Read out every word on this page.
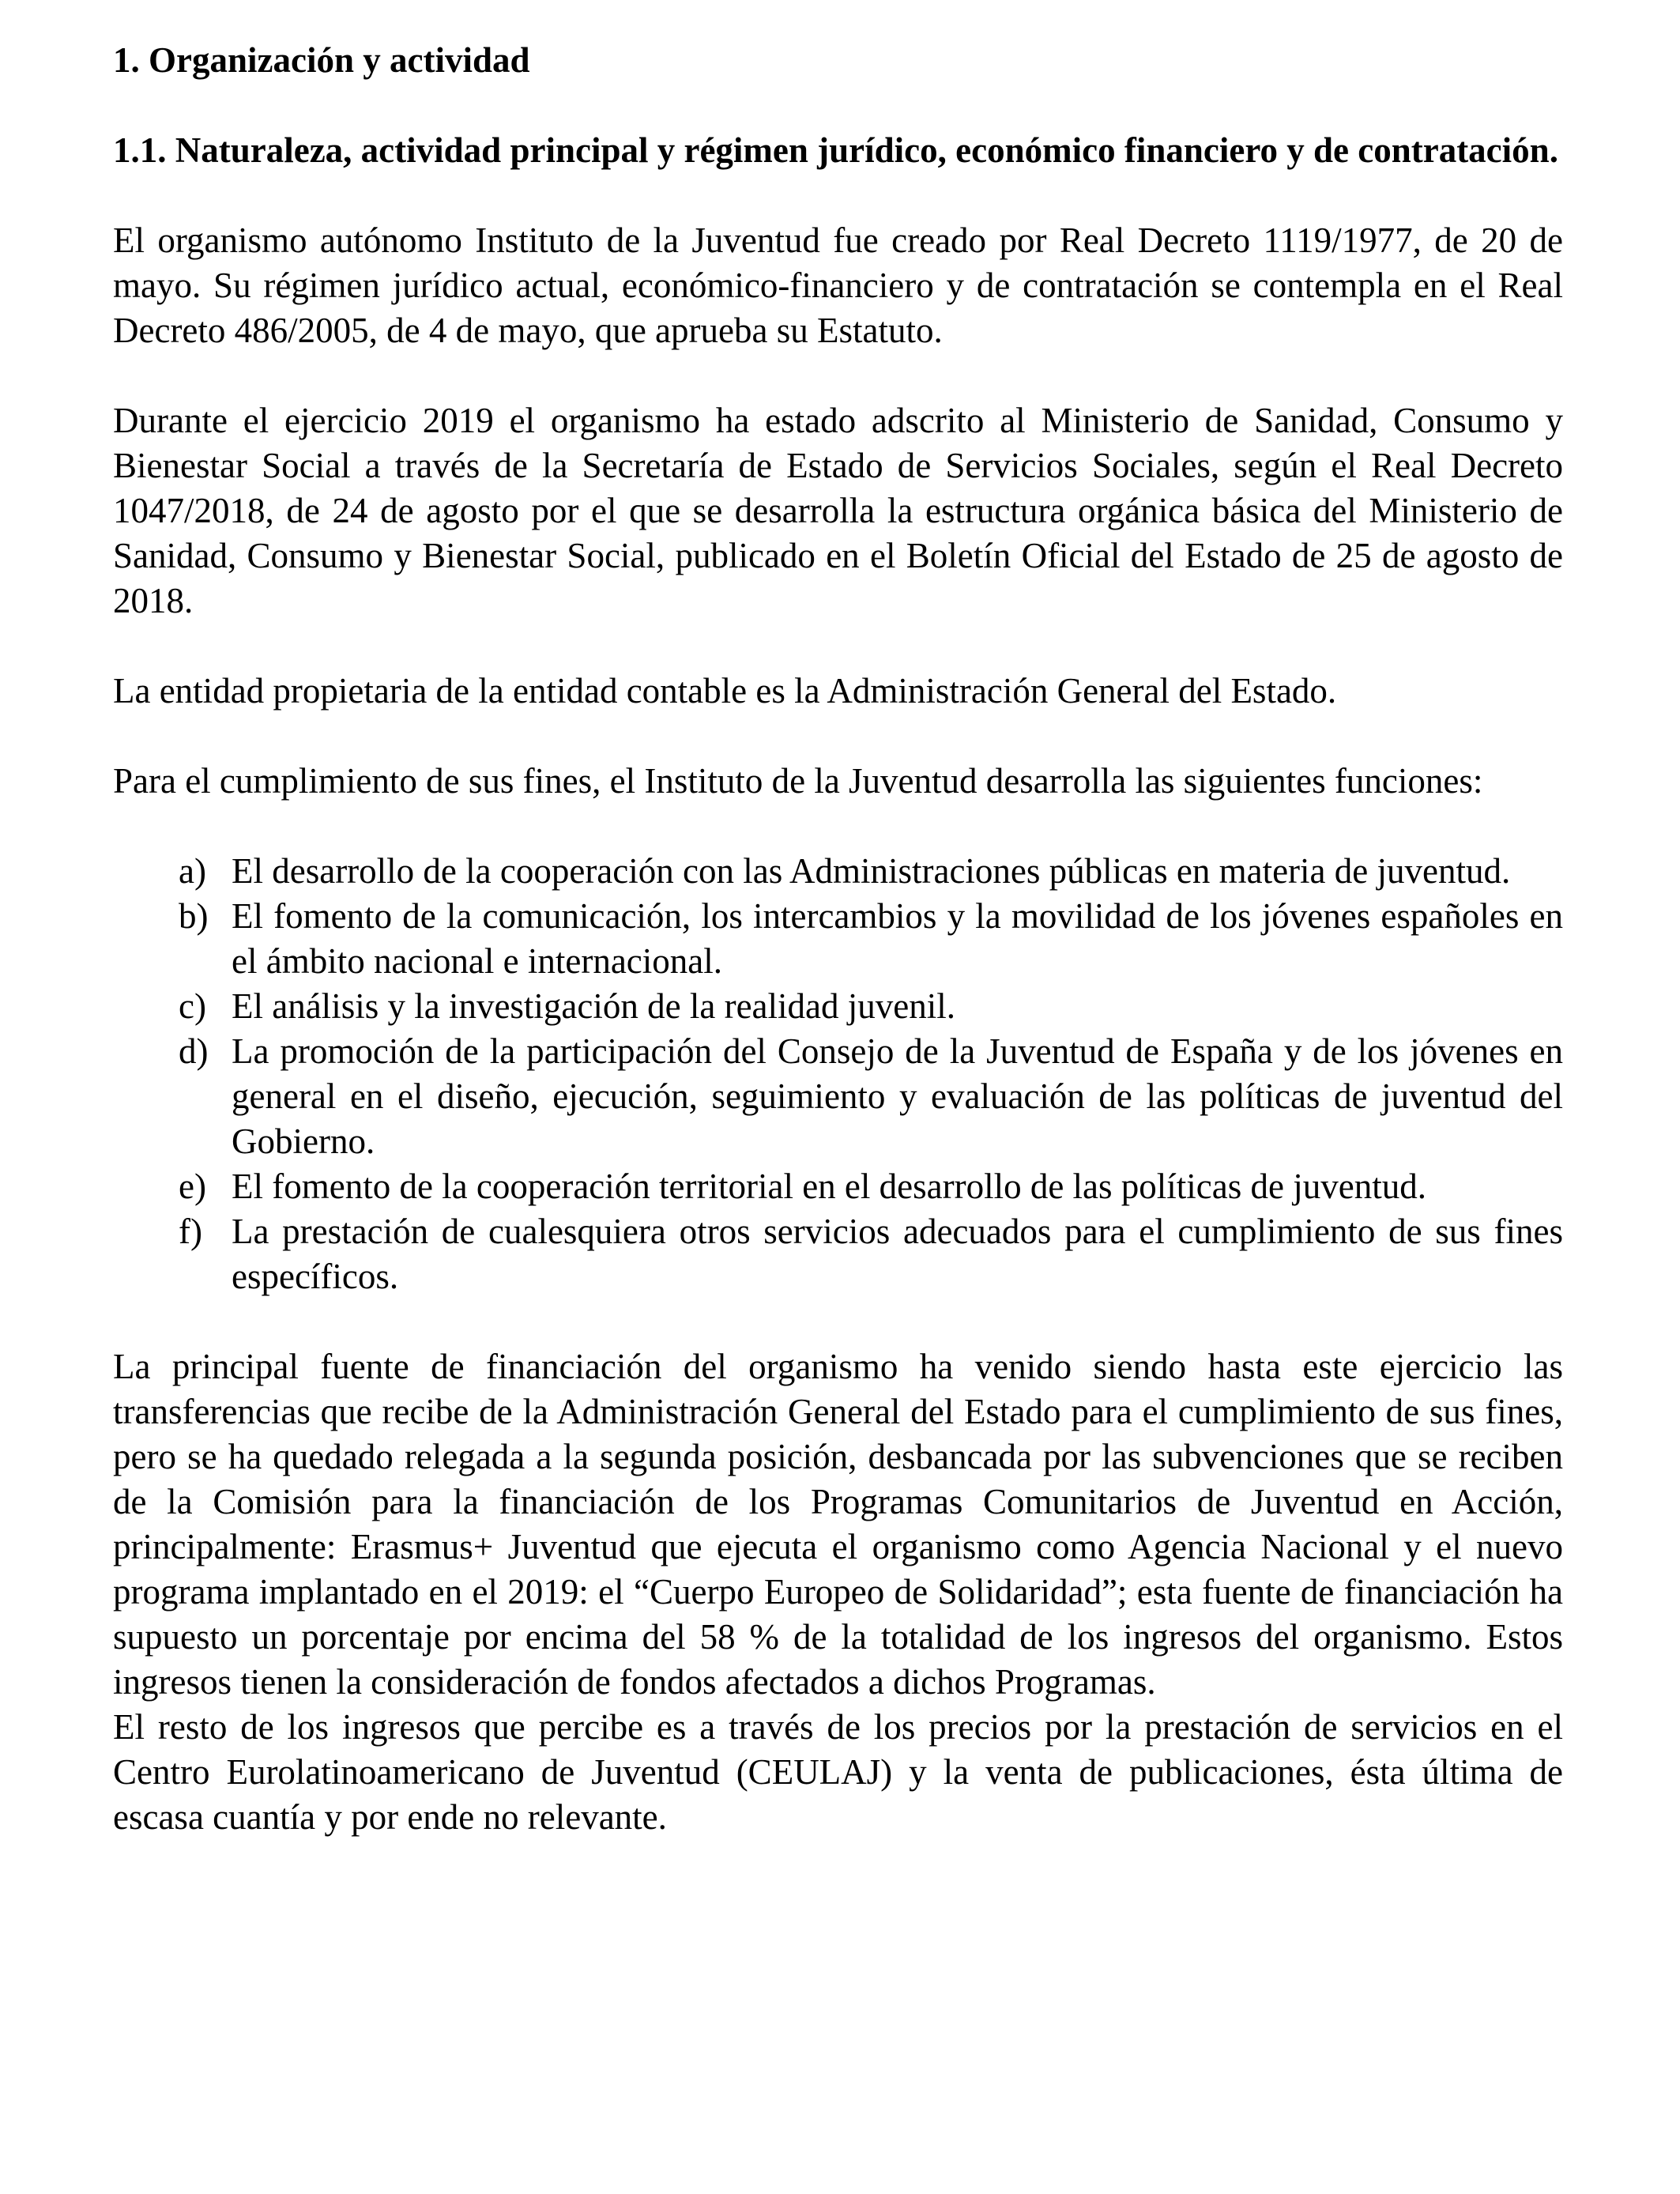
1. Organización y actividad
1.1. Naturaleza, actividad principal y régimen jurídico, económico financiero y de contratación.

El organismo autónomo Instituto de la Juventud fue creado por Real Decreto 1119/1977, de 20 de mayo. Su régimen jurídico actual, económico-financiero y de contratación se contempla en el Real Decreto 486/2005, de 4 de mayo, que aprueba su Estatuto.

Durante el ejercicio 2019 el organismo ha estado adscrito al Ministerio de Sanidad, Consumo y Bienestar Social a través de la Secretaría de Estado de Servicios Sociales, según el Real Decreto 1047/2018, de 24 de agosto por el que se desarrolla la estructura orgánica básica del Ministerio de Sanidad, Consumo y Bienestar Social, publicado en el Boletín Oficial del Estado de 25 de agosto de 2018.

La entidad propietaria de la entidad contable es la Administración General del Estado.

Para el cumplimiento de sus fines, el Instituto de la Juventud desarrolla las siguientes funciones:

a) El desarrollo de la cooperación con las Administraciones públicas en materia de juventud.
b) El fomento de la comunicación, los intercambios y la movilidad de los jóvenes españoles en el ámbito nacional e internacional.
c) El análisis y la investigación de la realidad juvenil.
d) La promoción de la participación del Consejo de la Juventud de España y de los jóvenes en general en el diseño, ejecución, seguimiento y evaluación de las políticas de juventud del Gobierno.
e) El fomento de la cooperación territorial en el desarrollo de las políticas de juventud.
f) La prestación de cualesquiera otros servicios adecuados para el cumplimiento de sus fines específicos.

La principal fuente de financiación del organismo ha venido siendo hasta este ejercicio las transferencias que recibe de la Administración General del Estado para el cumplimiento de sus fines, pero se ha quedado relegada a la segunda posición, desbancada por las subvenciones que se reciben de la Comisión para la financiación de los Programas Comunitarios de Juventud en Acción, principalmente: Erasmus+ Juventud que ejecuta el organismo como Agencia Nacional y el nuevo programa implantado en el 2019: el “Cuerpo Europeo de Solidaridad”; esta fuente de financiación ha supuesto un porcentaje por encima del 58 % de la totalidad de los ingresos del organismo. Estos ingresos tienen la consideración de fondos afectados a dichos Programas.

El resto de los ingresos que percibe es a través de los precios por la prestación de servicios en el Centro Eurolatinoamericano de Juventud (CEULAJ) y la venta de publicaciones, ésta última de escasa cuantía y por ende no relevante.
